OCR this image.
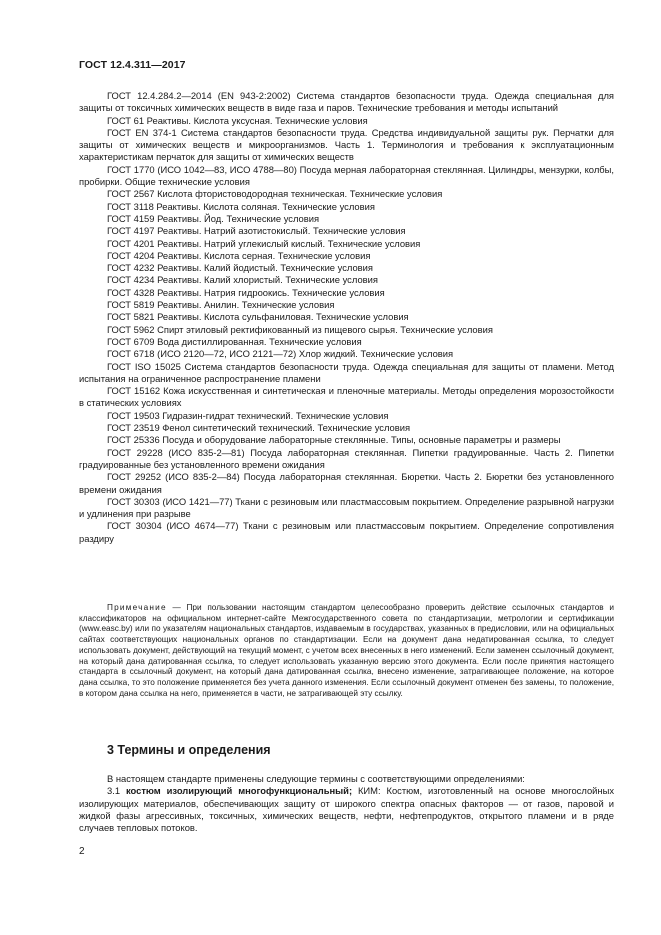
ГОСТ 12.4.311—2017

ГОСТ 12.4.284.2—2014 (EN 943-2:2002) Система стандартов безопасности труда. Одежда специальная для защиты от токсичных химических веществ в виде газа и паров. Технические требования и методы испытаний

ГОСТ 61 Реактивы. Кислота уксусная. Технические условия

ГОСТ EN 374-1 Система стандартов безопасности труда. Средства индивидуальной защиты рук. Перчатки для защиты от химических веществ и микроорганизмов. Часть 1. Терминология и требования к эксплуатационным характеристикам перчаток для защиты от химических веществ

ГОСТ 1770 (ИСО 1042—83, ИСО 4788—80) Посуда мерная лабораторная стеклянная. Цилиндры, мензурки, колбы, пробирки. Общие технические условия

ГОСТ 2567 Кислота фтористоводородная техническая. Технические условия

ГОСТ 3118 Реактивы. Кислота соляная. Технические условия

ГОСТ 4159 Реактивы. Йод. Технические условия

ГОСТ 4197 Реактивы. Натрий азотистокислый. Технические условия

ГОСТ 4201 Реактивы. Натрий углекислый кислый. Технические условия

ГОСТ 4204 Реактивы. Кислота серная. Технические условия

ГОСТ 4232 Реактивы. Калий йодистый. Технические условия

ГОСТ 4234 Реактивы. Калий хлористый. Технические условия

ГОСТ 4328 Реактивы. Натрия гидроокись. Технические условия

ГОСТ 5819 Реактивы. Анилин. Технические условия

ГОСТ 5821 Реактивы. Кислота сульфаниловая. Технические условия

ГОСТ 5962 Спирт этиловый ректификованный из пищевого сырья. Технические условия

ГОСТ 6709 Вода дистиллированная. Технические условия

ГОСТ 6718 (ИСО 2120—72, ИСО 2121—72) Хлор жидкий. Технические условия

ГОСТ ISO 15025 Система стандартов безопасности труда. Одежда специальная для защиты от пламени. Метод испытания на ограниченное распространение пламени

ГОСТ 15162 Кожа искусственная и синтетическая и пленочные материалы. Методы определения морозостойкости в статических условиях

ГОСТ 19503 Гидразин-гидрат технический. Технические условия

ГОСТ 23519 Фенол синтетический технический. Технические условия

ГОСТ 25336 Посуда и оборудование лабораторные стеклянные. Типы, основные параметры и размеры

ГОСТ 29228 (ИСО 835-2—81) Посуда лабораторная стеклянная. Пипетки градуированные. Часть 2. Пипетки градуированные без установленного времени ожидания

ГОСТ 29252 (ИСО 835-2—84) Посуда лабораторная стеклянная. Бюретки. Часть 2. Бюретки без установленного времени ожидания

ГОСТ 30303 (ИСО 1421—77) Ткани с резиновым или пластмассовым покрытием. Определение разрывной нагрузки и удлинения при разрыве

ГОСТ 30304 (ИСО 4674—77) Ткани с резиновым или пластмассовым покрытием. Определение сопротивления раздиру

Примечание — При пользовании настоящим стандартом целесообразно проверить действие ссылочных стандартов и классификаторов на официальном интернет-сайте Межгосударственного совета по стандартизации, метрологии и сертификации (www.easc.by) или по указателям национальных стандартов, издаваемым в государствах, указанных в предисловии, или на официальных сайтах соответствующих национальных органов по стандартизации. Если на документ дана недатированная ссылка, то следует использовать документ, действующий на текущий момент, с учетом всех внесенных в него изменений. Если заменен ссылочный документ, на который дана датированная ссылка, то следует использовать указанную версию этого документа. Если после принятия настоящего стандарта в ссылочный документ, на который дана датированная ссылка, внесено изменение, затрагивающее положение, на которое дана ссылка, то это положение применяется без учета данного изменения. Если ссылочный документ отменен без замены, то положение, в котором дана ссылка на него, применяется в части, не затрагивающей эту ссылку.

3 Термины и определения

В настоящем стандарте применены следующие термины с соответствующими определениями:

3.1 костюм изолирующий многофункциональный; КИМ: Костюм, изготовленный на основе многослойных изолирующих материалов, обеспечивающих защиту от широкого спектра опасных факторов — от газов, паровой и жидкой фазы агрессивных, токсичных, химических веществ, нефти, нефтепродуктов, открытого пламени и в ряде случаев тепловых потоков.

2
